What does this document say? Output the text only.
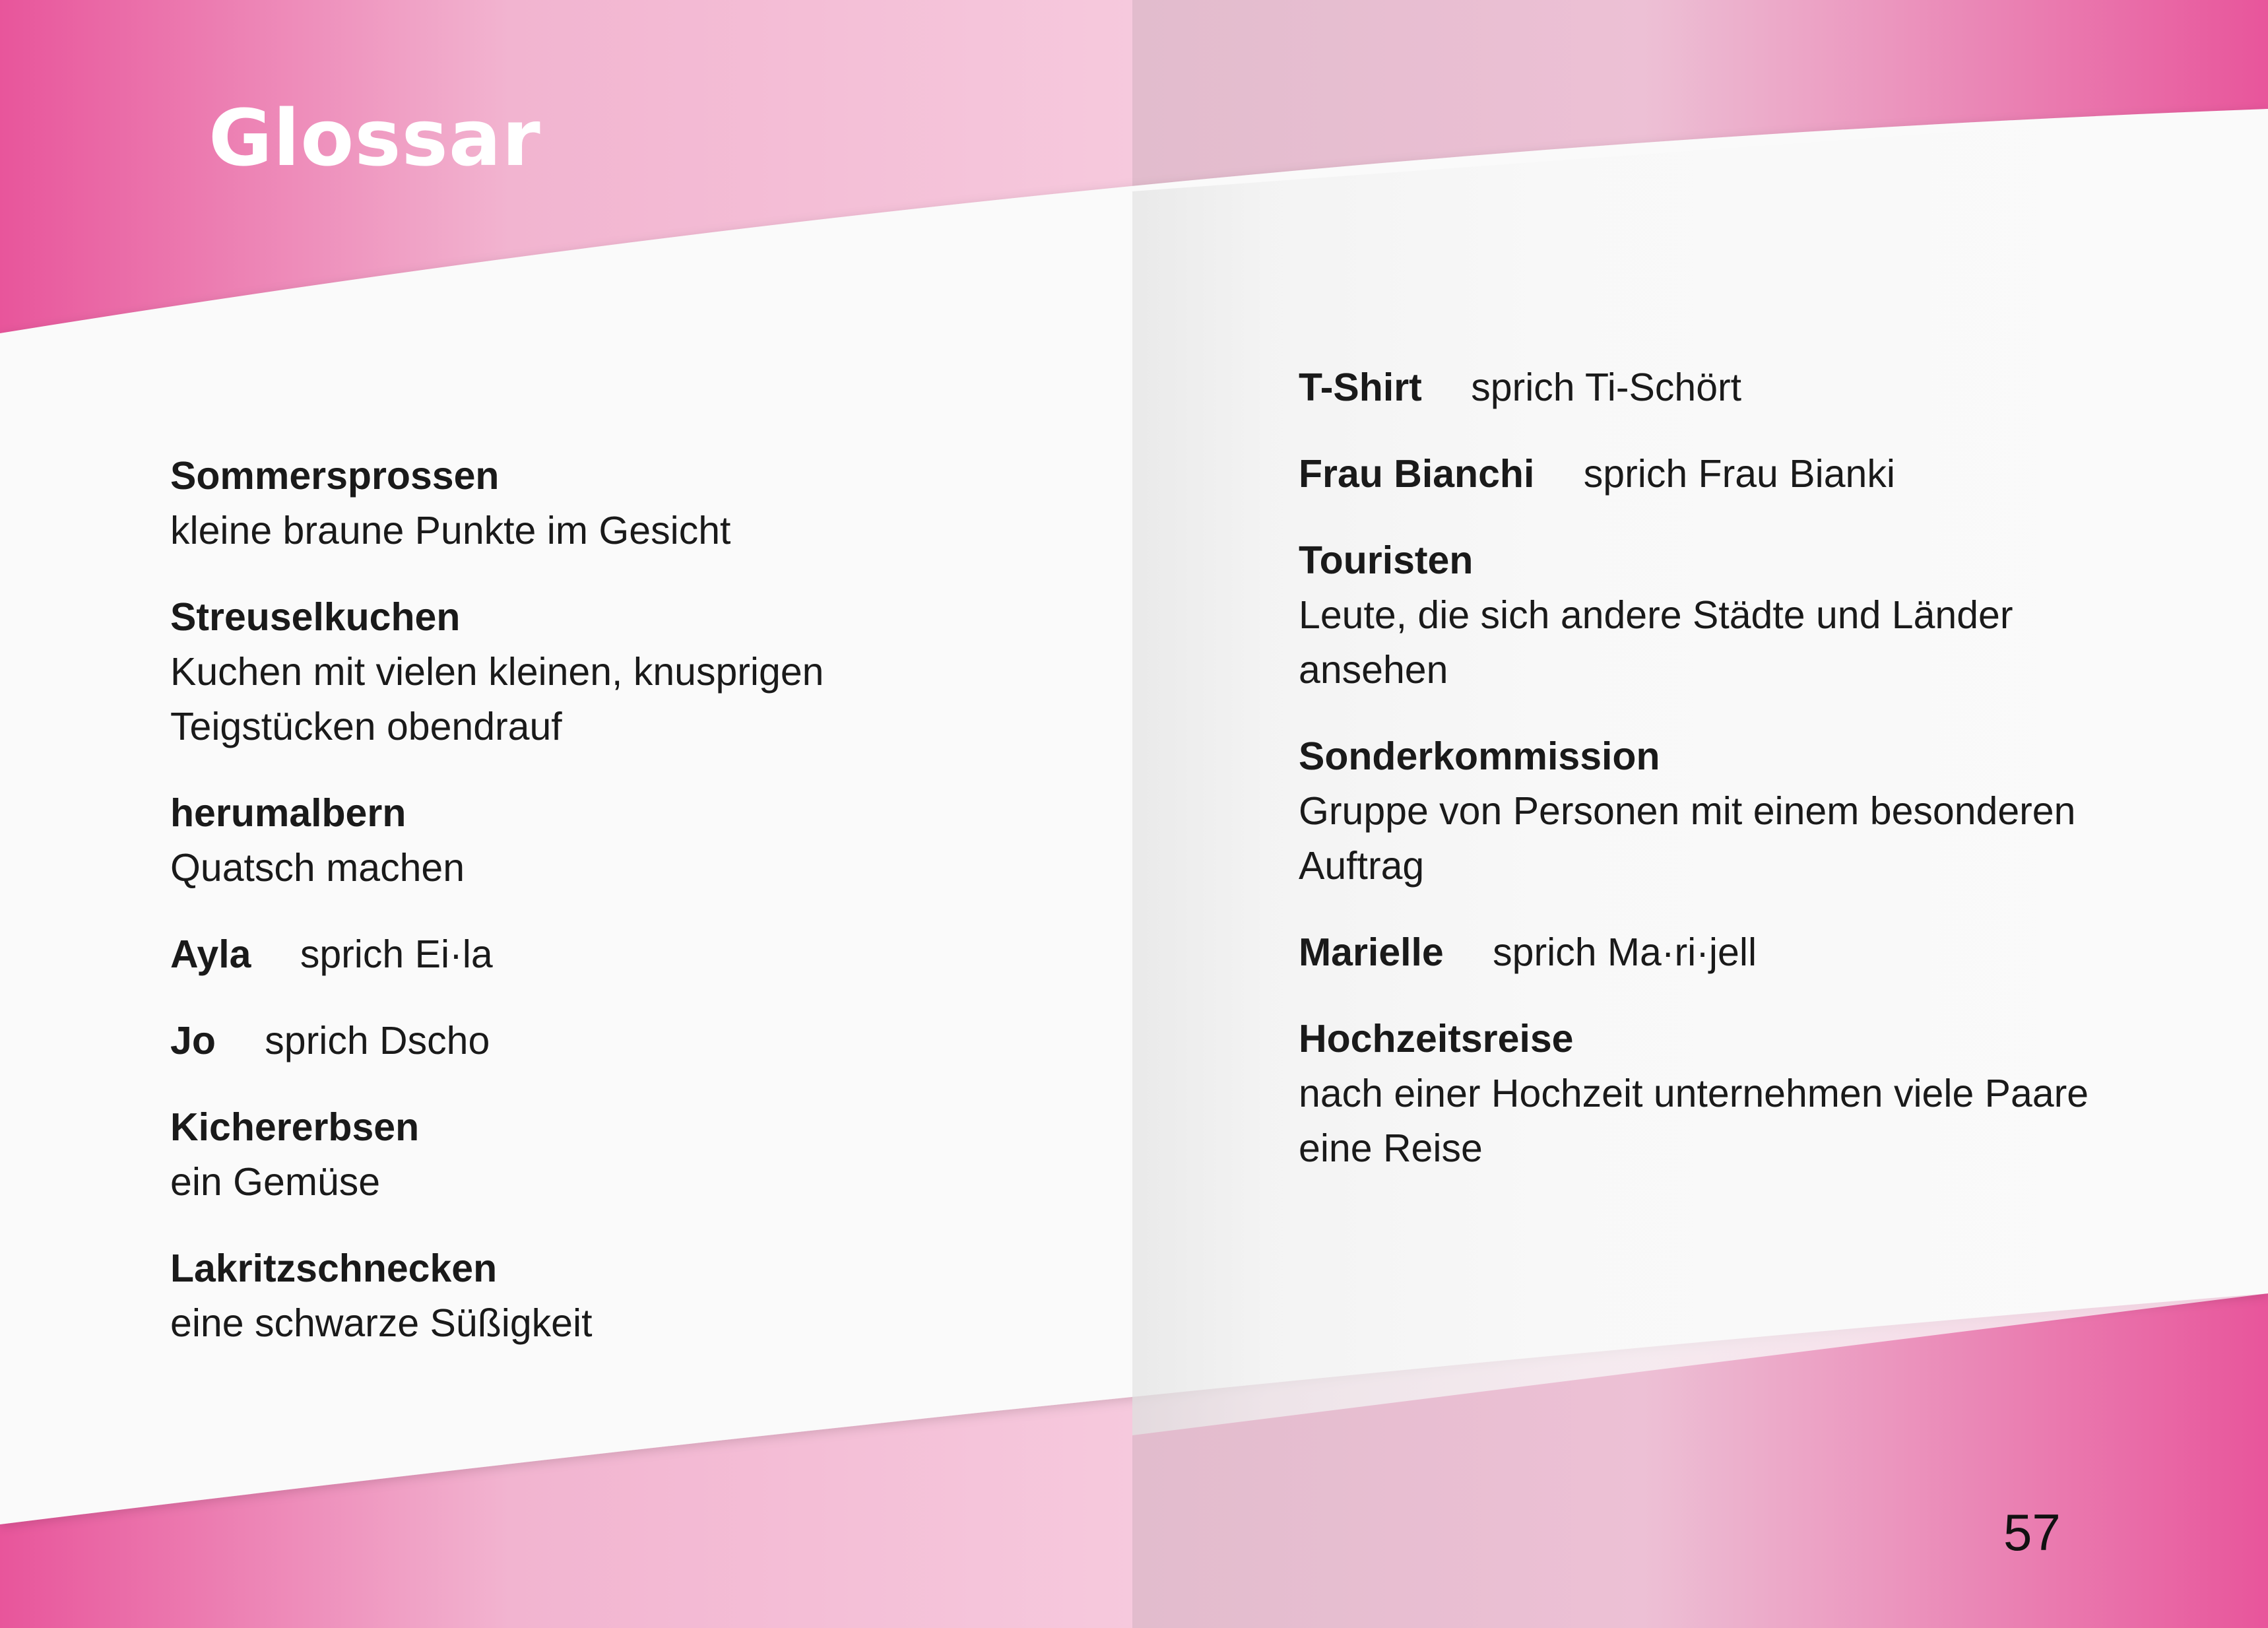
Glossar

Sommersprossen
kleine braune Punkte im Gesicht

Streuselkuchen
Kuchen mit vielen kleinen, knusprigen Teigstücken obendrauf

herumalbern
Quatsch machen

Ayla sprich Ei·la

Jo sprich Dscho

Kichererbsen
ein Gemüse

Lakritzschnecken
eine schwarze Süßigkeit

T-Shirt sprich Ti-Schört

Frau Bianchi sprich Frau Bianki

Touristen
Leute, die sich andere Städte und Länder ansehen

Sonderkommission
Gruppe von Personen mit einem besonderen Auftrag

Marielle sprich Ma·ri·jell

Hochzeitsreise
nach einer Hochzeit unternehmen viele Paare eine Reise

57
